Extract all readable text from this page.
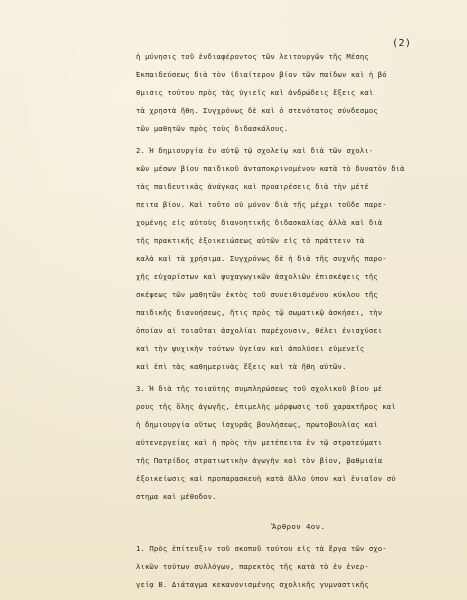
(2)
ἡ μύνησις τοῦ ἐνδιαφέροντος τῶν λειτουργῶν τῆς Μέσης
Ἐκπαιδεύσεως διὰ τὸν ἰδιαίτερον βίον τῶν παίδων καὶ ἡ βό
θμισις τούτου πρὸς τὰς ὑγιεῖς καὶ ἀνδρώδεις ἕξεις καὶ
τὰ χρηστὰ ἤθη. Συγχρόνως δὲ καὶ ὁ στενότατος σύνδεσμος
τῶν μαθητῶν πρὸς τοὺς διδασκάλους.
2. Ἡ δημιουργία ἐν αὐτῷ τῷ σχολείῳ καὶ διὰ τῶν σχολι-
κῶν μέσων βίου παιδικοῦ ἀνταποκρινομένου κατὰ τὸ δυνατὸν διὰ
τὰς παιδευτικὰς ἀνάγκας καὶ προαιρέσεις διὰ τὴν μέτέ
πειτα βίον. Καὶ τοῦτο οὐ μόνον διὰ τῆς μέχρι τοῦδε παρε-
χομένης εἰς αὐτοὺς διανοητικῆς διδασκαλίας ἀλλὰ καὶ διὰ
τῆς πρακτικῆς ἐξοικειώσεως αὐτῶν εἰς τὸ πράττειν τὰ
καλὰ καὶ τὰ χρήσιμα. Συγχρόνως δὲ ἡ διὰ τῆς συχνῆς παρο-
χῆς εὐχαρίστων καὶ ψυχαγωγικῶν ἀσχολιῶν ἐπισκέψεις τῆς
σκέψεως τῶν μαθητῶν ἐκτὸς τοῦ συνειθισμένου κύκλου τῆς
παιδικῆς διανοήσεως, ἥτις πρὸς τῷ σωματικῷ ἀσκήσει, τὴν
ὁποίαν αἱ τοιαῦται ἀσχολίαι παρέχουσιν, θέλει ἐνισχύσει
καὶ τὴν ψυχικὴν τούτων ὑγείαν καὶ ἀπολύσει εὐμενεῖς
καὶ ἐπὶ τὰς καθημερινὰς ἕξεις καὶ τὰ ἤθη αὐτῶν.
3. Ἡ διὰ τῆς τοιαύτης συμπληρώσεως τοῦ σχολικοῦ βίου μέ
ρους τῆς ὅλης ἀγωγῆς, ἐπιμελὴς μόρφωσις τοῦ χαρακτῆρος καὶ
ἡ δημιουργία οὕτως ἰσχυρᾶς βουλήσεως, πρωτοβουλίας καὶ
αὐτενεργείας καὶ ἡ πρὸς τὴν μετέπειτα ἐν τῷ στρατεύματι
τῆς Πατρίδος στρατιωτικὴν ἀγωγὴν καὶ τὸν βίον, βαθμιαία
ἐξοικείωσις καὶ προπαρασκευὴ κατὰ ἄλλο ὑπον καὶ ἐνιαῖον σύ
στημα καὶ μέθοδον.
Ἄρθρον 4ον.
1. Πρὸς ἐπίτευξιν τοῦ σκοποῦ τούτου εἰς τὰ ἔργα τῶν σχο-
λικῶν τούτων συλλόγων, παρεκτὸς τῆς κατὰ τὸ ἐν ἐνερ-
γείᾳ Β. Διάταγμα κεκανονισμένης σχολικῆς γυμναστικῆς
